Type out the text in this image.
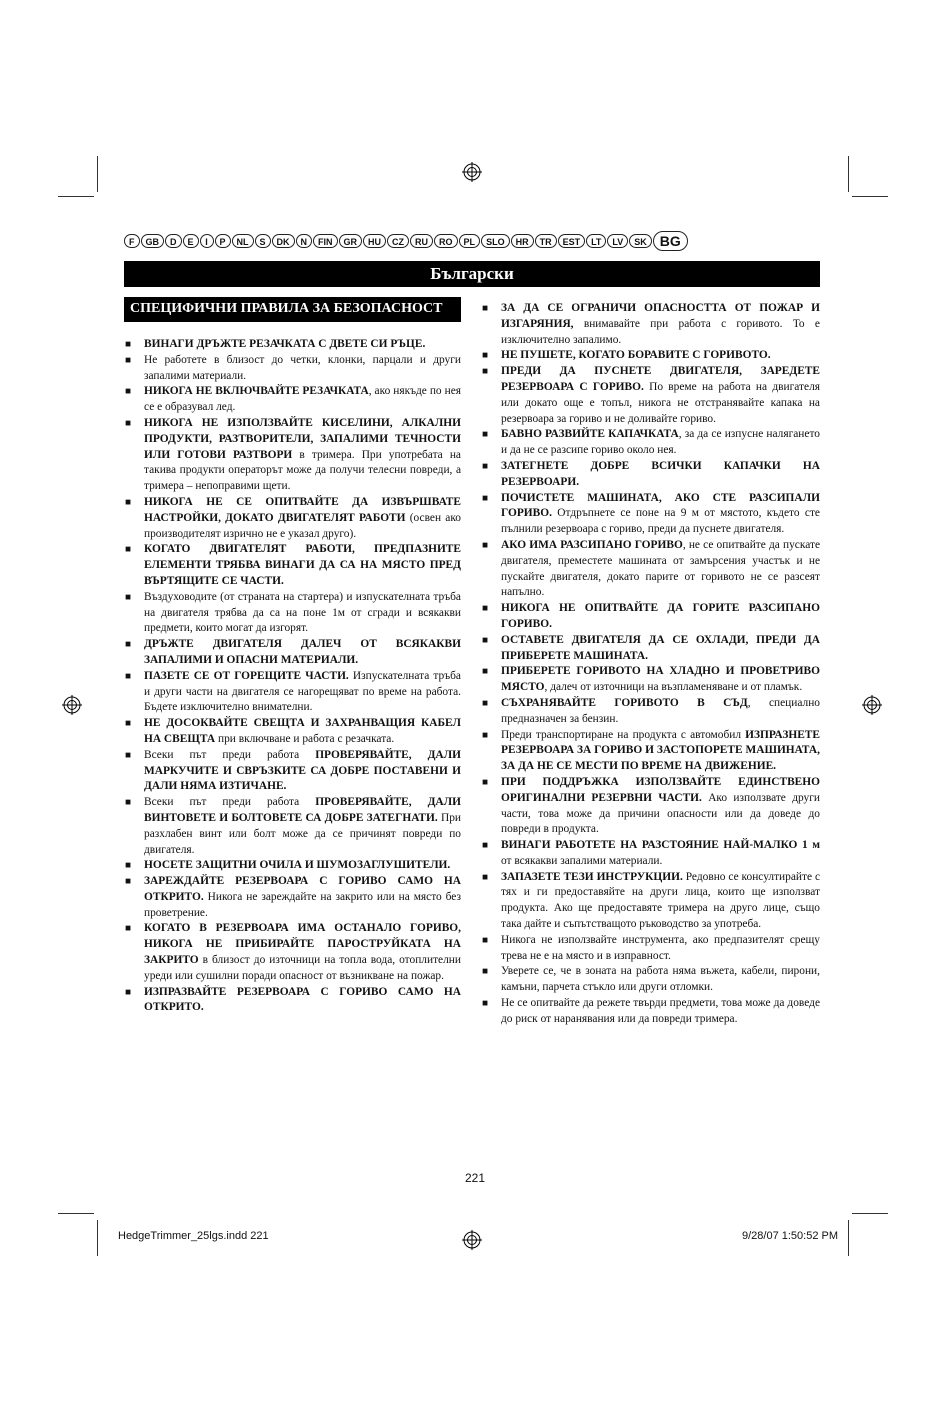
F	GB	D	E	I	P	NL	S	DK	N	FIN	GR	HU	CZ	RU	RO	PL	SLO	HR	TR	EST	LT	LV	SK BG
Български
СПЕЦИФИЧНИ ПРАВИЛА ЗА БЕЗОПАСНОСТ
■ ВИНАГИ ДРЪЖТЕ РЕЗАЧКАТА С ДВЕТЕ СИ РЪЦЕ.
■ Не работете в близост до четки, клонки, парцали и други запалими материали.
■ НИКОГА НЕ ВКЛЮЧВАЙТЕ РЕЗАЧКАТА, ако някъде по нея се е образувал лед.
■ НИКОГА НЕ ИЗПОЛЗВАЙТЕ КИСЕЛИНИ, АЛКАЛНИ ПРОДУКТИ, РАЗТВОРИТЕЛИ, ЗАПАЛИМИ ТЕЧНОСТИ ИЛИ ГОТОВИ РАЗТВОРИ в тримера. При употребата на такива продукти операторът може да получи телесни повреди, а тримера – непоправими щети.
■ НИКОГА НЕ СЕ ОПИТВАЙТЕ ДА ИЗВЪРШВАТЕ НАСТРОЙКИ, ДОКАТО ДВИГАТЕЛЯТ РАБОТИ (освен ако производителят изрично не е указал друго).
■ КОГАТО ДВИГАТЕЛЯТ РАБОТИ, ПРЕДПАЗНИТЕ ЕЛЕМЕНТИ ТРЯБВА ВИНАГИ ДА СА НА МЯСТО ПРЕД ВЪРТЯЩИТЕ СЕ ЧАСТИ.
■ Въздуховодите (от страната на стартера) и изпускателната тръба на двигателя трябва да са на поне 1м от сгради и всякакви предмети, които могат да изгорят.
■ ДРЪЖТЕ ДВИГАТЕЛЯ ДАЛЕЧ ОТ ВСЯКАКВИ ЗАПАЛИМИ И ОПАСНИ МАТЕРИАЛИ.
■ ПАЗЕТЕ СЕ ОТ ГОРЕЩИТЕ ЧАСТИ. Изпускателната тръба и други части на двигателя се нагорещяват по време на работа. Бъдете изключително внимателни.
■ НЕ ДОСОКВАЙТЕ СВЕЩТА И ЗАХРАНВАЩИЯ КАБЕЛ НА СВЕЩТА при включване и работа с резачката.
■ Всеки път преди работа ПРОВЕРЯВАЙТЕ, ДАЛИ МАРКУЧИТЕ И СВРЪЗКИТЕ СА ДОБРЕ ПОСТАВЕНИ И ДАЛИ НЯМА ИЗТИЧАНЕ.
■ Всеки път преди работа ПРОВЕРЯВАЙТЕ, ДАЛИ ВИНТОВЕТЕ И БОЛТОВЕТЕ СА ДОБРЕ ЗАТЕГНАТИ. При разхлабен винт или болт може да се причинят повреди по двигателя.
■ НОСЕТЕ ЗАЩИТНИ ОЧИЛА И ШУМОЗАГЛУШИТЕЛИ.
■ ЗАРЕЖДАЙТЕ РЕЗЕРВОАРА С ГОРИВО САМО НА ОТКРИТО. Никога не зареждайте на закрито или на място без проветрение.
■ КОГАТО В РЕЗЕРВОАРА ИМА ОСТАНАЛО ГОРИВО, НИКОГА НЕ ПРИБИРАЙТЕ ПАРОСТРУЙКАТА НА ЗАКРИТО в близост до източници на топла вода, отоплителни уреди или сушилни поради опасност от възникване на пожар.
■ ИЗПРАЗВАЙТЕ РЕЗЕРВОАРА С ГОРИВО САМО НА ОТКРИТО.
■ ЗА ДА СЕ ОГРАНИЧИ ОПАСНОСТТА ОТ ПОЖАР И ИЗГАРЯНИЯ, внимавайте при работа с горивото. То е изключително запалимо.
■ НЕ ПУШЕТЕ, КОГАТО БОРАВИТЕ С ГОРИВОТО.
■ ПРЕДИ ДА ПУСНЕТЕ ДВИГАТЕЛЯ, ЗАРЕДЕТЕ РЕЗЕРВОАРА С ГОРИВО. По време на работа на двигателя или докато още е топъл, никога не отстранявайте капака на резервоара за гориво и не доливайте гориво.
■ БАВНО РАЗВИЙТЕ КАПАЧКАТА, за да се изпусне налягането и да не се разсипе гориво около нея.
■ ЗАТЕГНЕТЕ ДОБРЕ ВСИЧКИ КАПАЧКИ НА РЕЗЕРВОАРИ.
■ ПОЧИСТЕТЕ МАШИНАТА, АКО СТЕ РАЗСИПАЛИ ГОРИВО. Отдръпнете се поне на 9 м от мястото, където сте пълнили резервоара с гориво, преди да пуснете двигателя.
■ АКО ИМА РАЗСИПАНО ГОРИВО, не се опитвайте да пускате двигателя, преместете машината от замърсения участък и не пускайте двигателя, докато парите от горивото не се разсеят напълно.
■ НИКОГА НЕ ОПИТВАЙТЕ ДА ГОРИТЕ РАЗСИПАНО ГОРИВО.
■ ОСТАВЕТЕ ДВИГАТЕЛЯ ДА СЕ ОХЛАДИ, ПРЕДИ ДА ПРИБЕРЕТЕ МАШИНАТА.
■ ПРИБЕРЕТЕ ГОРИВОТО НА ХЛАДНО И ПРОВЕТРИВО МЯСТО, далеч от източници на възпламеняване и от пламък.
■ СЪХРАНЯВАЙТЕ ГОРИВОТО В СЪД, специално предназначен за бензин.
■ Преди транспортиране на продукта с автомобил ИЗПРАЗНЕТЕ РЕЗЕРВОАРА ЗА ГОРИВО И ЗАСТОПОРЕТЕ МАШИНАТА, ЗА ДА НЕ СЕ МЕСТИ ПО ВРЕМЕ НА ДВИЖЕНИЕ.
■ ПРИ ПОДДРЪЖКА ИЗПОЛЗВАЙТЕ ЕДИНСТВЕНО ОРИГИНАЛНИ РЕЗЕРВНИ ЧАСТИ. Ако използвате други части, това може да причини опасности или да доведе до повреди в продукта.
■ ВИНАГИ РАБОТЕТЕ НА РАЗСТОЯНИЕ НАЙ-МАЛКО 1 м от всякакви запалими материали.
■ ЗАПАЗЕТЕ ТЕЗИ ИНСТРУКЦИИ. Редовно се консултирайте с тях и ги предоставяйте на други лица, които ще използват продукта. Ако ще предоставяте тримера на друго лице, също така дайте и съпътстващото ръководство за употреба.
■ Никога не използвайте инструмента, ако предпазителят срещу трева не е на място и в изправност.
■ Уверете се, че в зоната на работа няма въжета, кабели, пирони, камъни, парчета стъкло или други отломки.
■ Не се опитвайте да режете твърди предмети, това може да доведе до риск от наранявания или да повреди тримера.
221
HedgeTrimmer_25lgs.indd 221	9/28/07 1:50:52 PM
